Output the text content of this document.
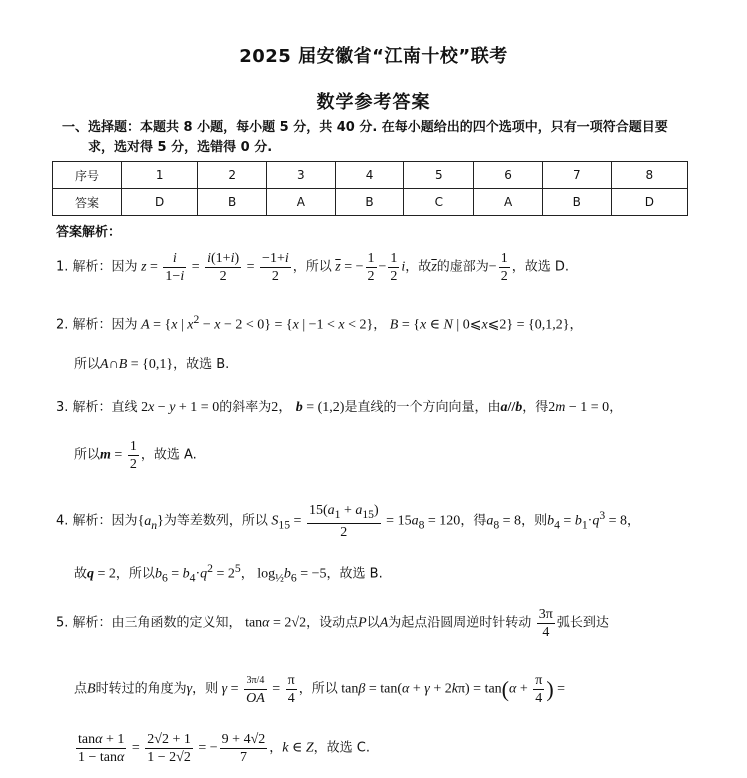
2025 届安徽省“江南十校”联考
数学参考答案
一、选择题：本题共 8 小题，每小题 5 分，共 40 分. 在每小题给出的四个选项中，只有一项符合题目要
求，选对得 5 分，选错得 0 分.
序号	1	2	3	4	5	6	7	8
答案	D	B	A	B	C	A	B	D
答案解析：
1. 解析：因为 $z = \frac{i}{1-i} = \frac{i(1+i)}{2} = \frac{-1+i}{2}$ ，所以 $\overline{z}$ = − $\frac{1}{2} - \frac{1}{2}$ i，故$\overline{z}$的虚部为− $\frac{1}{2}$ ，故选 D.
2. 解析：因为 A = {x | $x^2 - x - 2 < 0\} = \{x$ | −1 < x < 2}， B = {x ∈ N | 0⩽x⩽2} = {0,1,2}，
所以A∩B = {0,1}，故选 B.
3. 解析：直线 2x − y + 1 = 0的斜率为2， b = (1,2)是直线的一个方向向量，由a//b，得2m − 1 = 0，
所以$m = \frac{1}{2}$ ，故选 A.
4. 解析：因为$\{a_n\}$为等差数列，所以 $S_{15} = \frac{15(a_1 + a_{15})}{2} = 15a_8 = 120$，得$a_8 = 8$，则$b_4 = b_1\cdot q^3 = 8$，
故q = 2，所以$b_6 = b_4\cdot q^2 = 2^5$， $\log_{\frac{1}{2}}b_6 = -5$，故选 B.
5. 解析：由三角函数的定义知， tanα = 2√2，设动点P以A为起点沿圆周逆时针转动 $\frac{3\pi}{4}$ 弧长到达
点B时转过的角度为γ，则 $\gamma = \frac{3\pi/4}{OA} = \frac{\pi}{4}$ ，所以 $\tan\beta = \tan(\alpha + \gamma + 2k\pi) = \tan(\alpha + \frac{\pi}{4}$ ) =
$\frac{\tan\alpha + 1}{1 - \tan\alpha} = \frac{2√2 + 1}{1 - 2√2}$ = − $\frac{9 + 4√2}{7}$ ，k ∈ Z，故选 C.
